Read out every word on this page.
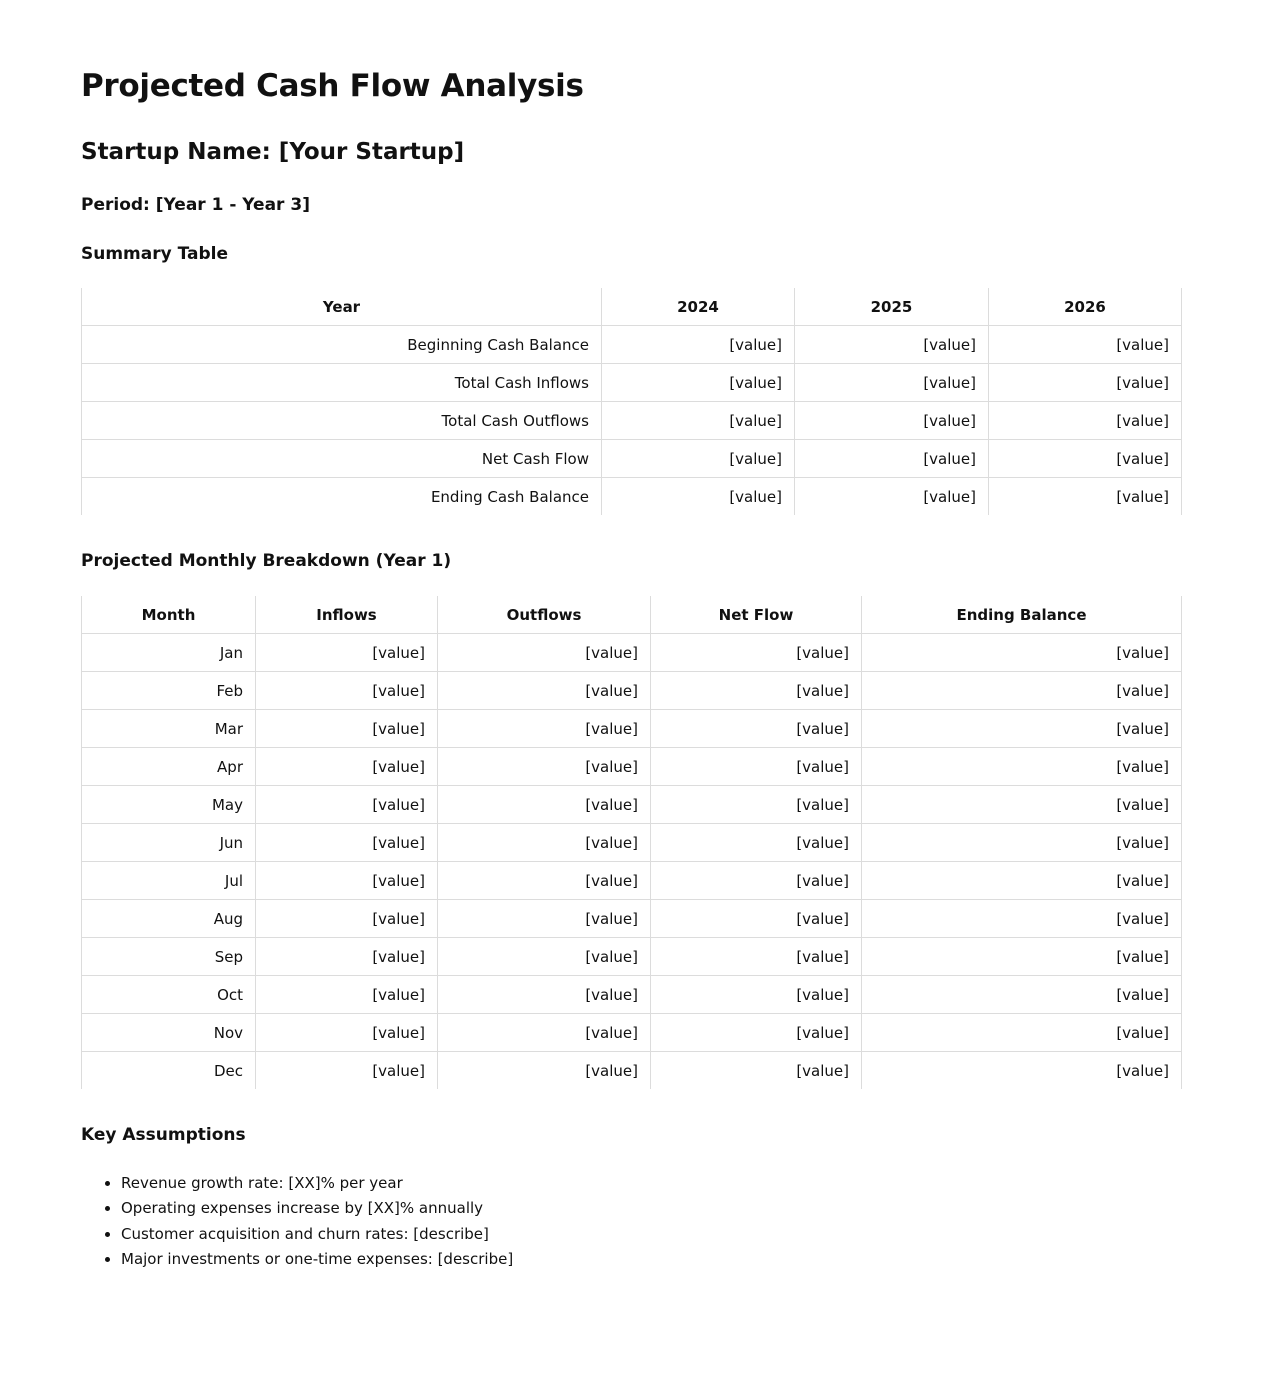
Projected Cash Flow Analysis
Startup Name: [Your Startup]
Period: [Year 1 - Year 3]
Summary Table
Year	2024	2025	2026
Beginning Cash Balance	[value]	[value]	[value]
Total Cash Inflows	[value]	[value]	[value]
Total Cash Outflows	[value]	[value]	[value]
Net Cash Flow	[value]	[value]	[value]
Ending Cash Balance	[value]	[value]	[value]
Projected Monthly Breakdown (Year 1)
Month	Inflows	Outflows	Net Flow	Ending Balance
Jan	[value]	[value]	[value]	[value]
Feb	[value]	[value]	[value]	[value]
Mar	[value]	[value]	[value]	[value]
Apr	[value]	[value]	[value]	[value]
May	[value]	[value]	[value]	[value]
Jun	[value]	[value]	[value]	[value]
Jul	[value]	[value]	[value]	[value]
Aug	[value]	[value]	[value]	[value]
Sep	[value]	[value]	[value]	[value]
Oct	[value]	[value]	[value]	[value]
Nov	[value]	[value]	[value]	[value]
Dec	[value]	[value]	[value]	[value]
Key Assumptions
• Revenue growth rate: [XX]% per year
• Operating expenses increase by [XX]% annually
• Customer acquisition and churn rates: [describe]
• Major investments or one-time expenses: [describe]
